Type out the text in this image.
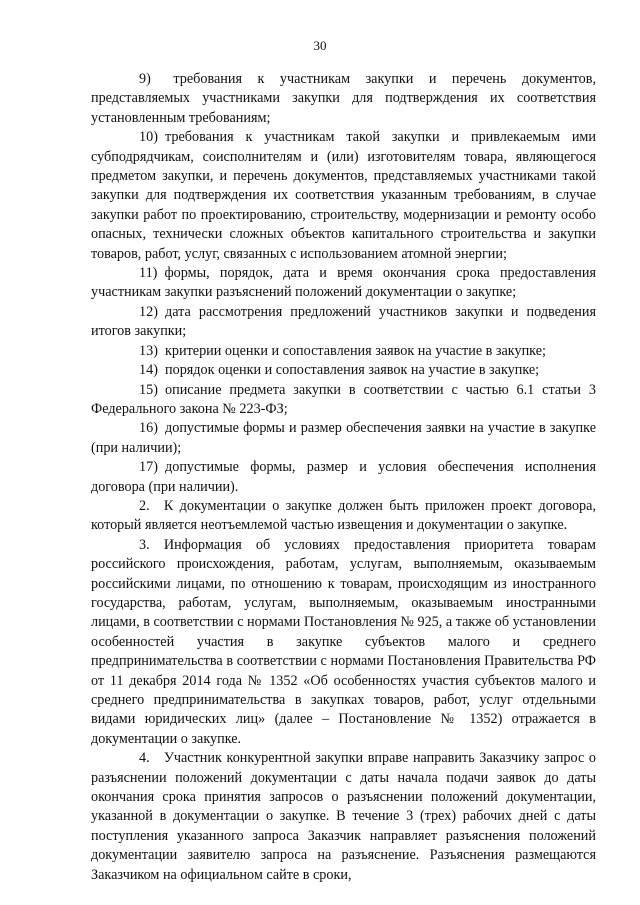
30

9)  требования к участникам закупки и перечень документов, представляемых участниками закупки для подтверждения их соответствия установленным требованиям;

10) требования к участникам такой закупки и привлекаемым ими субподрядчикам, соисполнителям и (или) изготовителям товара, являющегося предметом закупки, и перечень документов, представляемых участниками такой закупки для подтверждения их соответствия указанным требованиям, в случае закупки работ по проектированию, строительству, модернизации и ремонту особо опасных, технически сложных объектов капитального строительства и закупки товаров, работ, услуг, связанных с использованием атомной энергии;

11) формы, порядок, дата и время окончания срока предоставления участникам закупки разъяснений положений документации о закупке;

12) дата рассмотрения предложений участников закупки и подведения итогов закупки;

13) критерии оценки и сопоставления заявок на участие в закупке;

14) порядок оценки и сопоставления заявок на участие в закупке;

15) описание предмета закупки в соответствии с частью 6.1 статьи 3 Федерального закона № 223-ФЗ;

16) допустимые формы и размер обеспечения заявки на участие в закупке (при наличии);

17) допустимые формы, размер и условия обеспечения исполнения договора (при наличии).

2. К документации о закупке должен быть приложен проект договора, который является неотъемлемой частью извещения и документации о закупке.

3. Информация об условиях предоставления приоритета товарам российского происхождения, работам, услугам, выполняемым, оказываемым российскими лицами, по отношению к товарам, происходящим из иностранного государства, работам, услугам, выполняемым, оказываемым иностранными лицами, в соответствии с нормами Постановления № 925, а также об установлении особенностей участия в закупке субъектов малого и среднего предпринимательства в соответствии с нормами Постановления Правительства РФ от 11 декабря 2014 года № 1352 «Об особенностях участия субъектов малого и среднего предпринимательства в закупках товаров, работ, услуг отдельными видами юридических лиц» (далее – Постановление № 1352) отражается в документации о закупке.

4. Участник конкурентной закупки вправе направить Заказчику запрос о разъяснении положений документации с даты начала подачи заявок до даты окончания срока принятия запросов о разъяснении положений документации, указанной в документации о закупке. В течение 3 (трех) рабочих дней с даты поступления указанного запроса Заказчик направляет разъяснения положений документации заявителю запроса на разъяснение. Разъяснения размещаются Заказчиком на официальном сайте в сроки,
